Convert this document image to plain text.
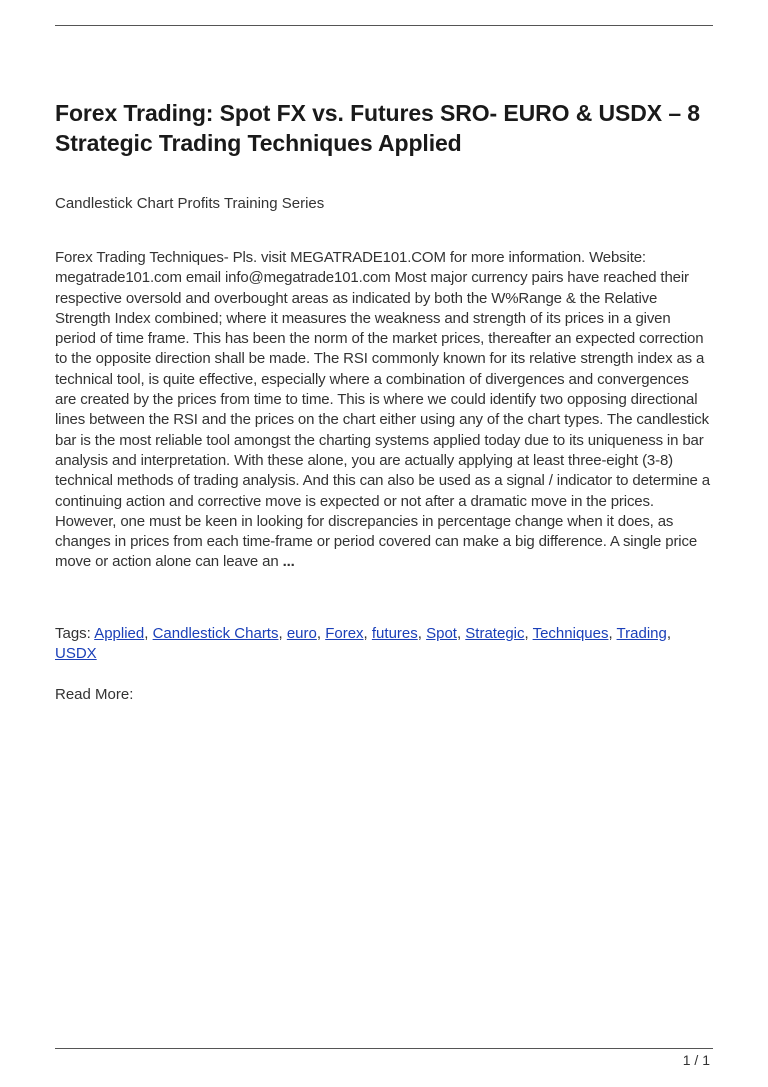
Forex Trading: Spot FX vs. Futures SRO- EURO & USDX – 8 Strategic Trading Techniques Applied

Candlestick Chart Profits Training Series

Forex Trading Techniques- Pls. visit MEGATRADE101.COM for more information. Website: megatrade101.com email info@megatrade101.com Most major currency pairs have reached their respective oversold and overbought areas as indicated by both the W%Range & the Relative Strength Index combined; where it measures the weakness and strength of its prices in a given period of time frame. This has been the norm of the market prices, thereafter an expected correction to the opposite direction shall be made. The RSI commonly known for its relative strength index as a technical tool, is quite effective, especially where a combination of divergences and convergences are created by the prices from time to time. This is where we could identify two opposing directional lines between the RSI and the prices on the chart either using any of the chart types. The candlestick bar is the most reliable tool amongst the charting systems applied today due to its uniqueness in bar analysis and interpretation. With these alone, you are actually applying at least three-eight (3-8) technical methods of trading analysis. And this can also be used as a signal / indicator to determine a continuing action and corrective move is expected or not after a dramatic move in the prices. However, one must be keen in looking for discrepancies in percentage change when it does, as changes in prices from each time-frame or period covered can make a big difference. A single price move or action alone can leave an ...

Tags: Applied, Candlestick Charts, euro, Forex, futures, Spot, Strategic, Techniques, Trading, USDX

Read More:

1 / 1
